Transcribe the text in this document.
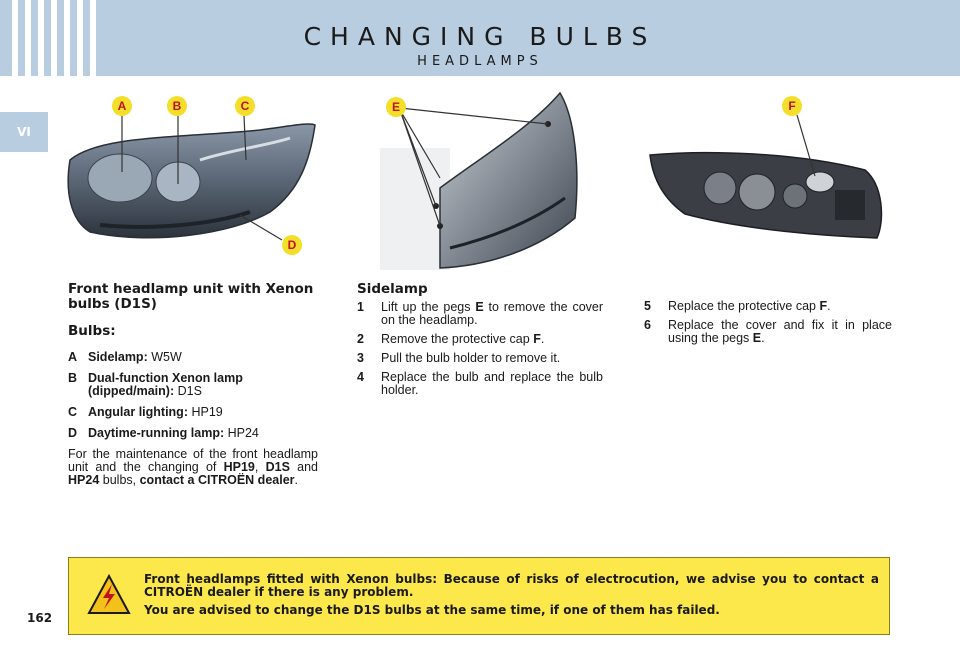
CHANGING BULBS
HEADLAMPS
VI
A	B	C
D
E	F
Front headlamp unit with Xenon bulbs (D1S)
Bulbs:
A Sidelamp: W5W
B Dual-function Xenon lamp (dipped/main): D1S
C Angular lighting: HP19
D Daytime-running lamp: HP24
For the maintenance of the front headlamp unit and the changing of HP19, D1S and HP24 bulbs, contact a CITROËN dealer.
Sidelamp
1 Lift up the pegs E to remove the cover on the headlamp.
2 Remove the protective cap F.
3 Pull the bulb holder to remove it.
4 Replace the bulb and replace the bulb holder.
5 Replace the protective cap F.
6 Replace the cover and fix it in place using the pegs E.

Front headlamps fitted with Xenon bulbs: Because of risks of electrocution, we advise you to contact a CITROËN dealer if there is any problem.

You are advised to change the D1S bulbs at the same time, if one of them has failed.

162
